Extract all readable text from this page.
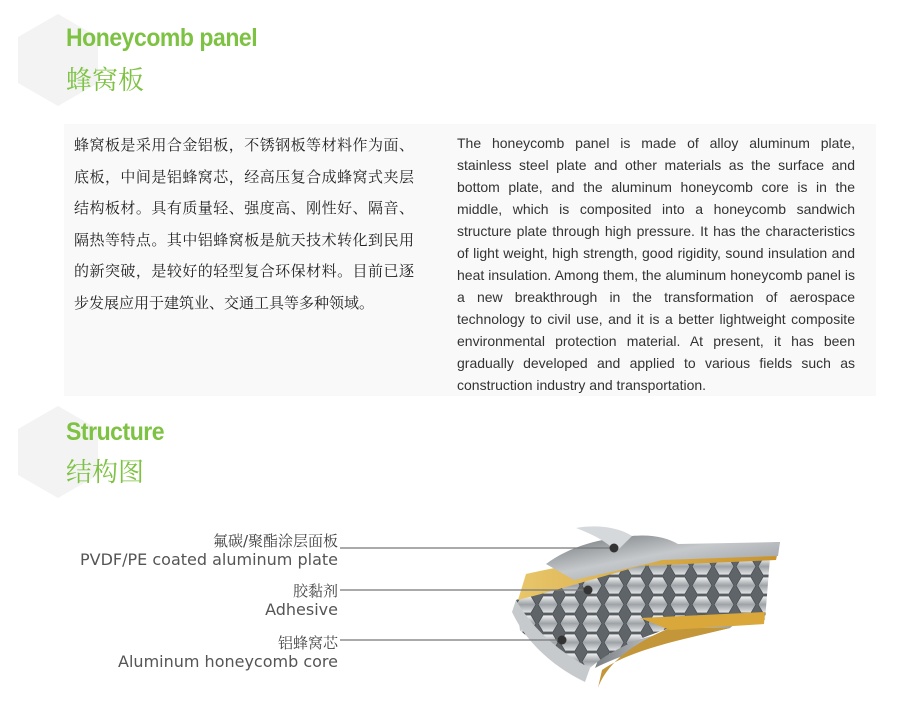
Honeycomb panel
蜂窝板

蜂窝板是采用合金铝板，不锈钢板等材料作为面、底板，中间是铝蜂窝芯，经高压复合成蜂窝式夹层结构板材。具有质量轻、强度高、刚性好、隔音、隔热等特点。其中铝蜂窝板是航天技术转化到民用的新突破，是较好的轻型复合环保材料。目前已逐步发展应用于建筑业、交通工具等多种领域。

The honeycomb panel is made of alloy aluminum plate, stainless steel plate and other materials as the surface and bottom plate, and the aluminum honeycomb core is in the middle, which is composited into a honeycomb sandwich structure plate through high pressure. It has the characteristics of light weight, high strength, good rigidity, sound insulation and heat insulation. Among them, the aluminum honeycomb panel is a new breakthrough in the transformation of aerospace technology to civil use, and it is a better lightweight composite environmental protection material. At present, it has been gradually developed and applied to various fields such as construction industry and transportation.

Structure
结构图
氟碳/聚酯涂层面板
PVDF/PE coated aluminum plate
胶黏剂
Adhesive
铝蜂窝芯
Aluminum honeycomb core
